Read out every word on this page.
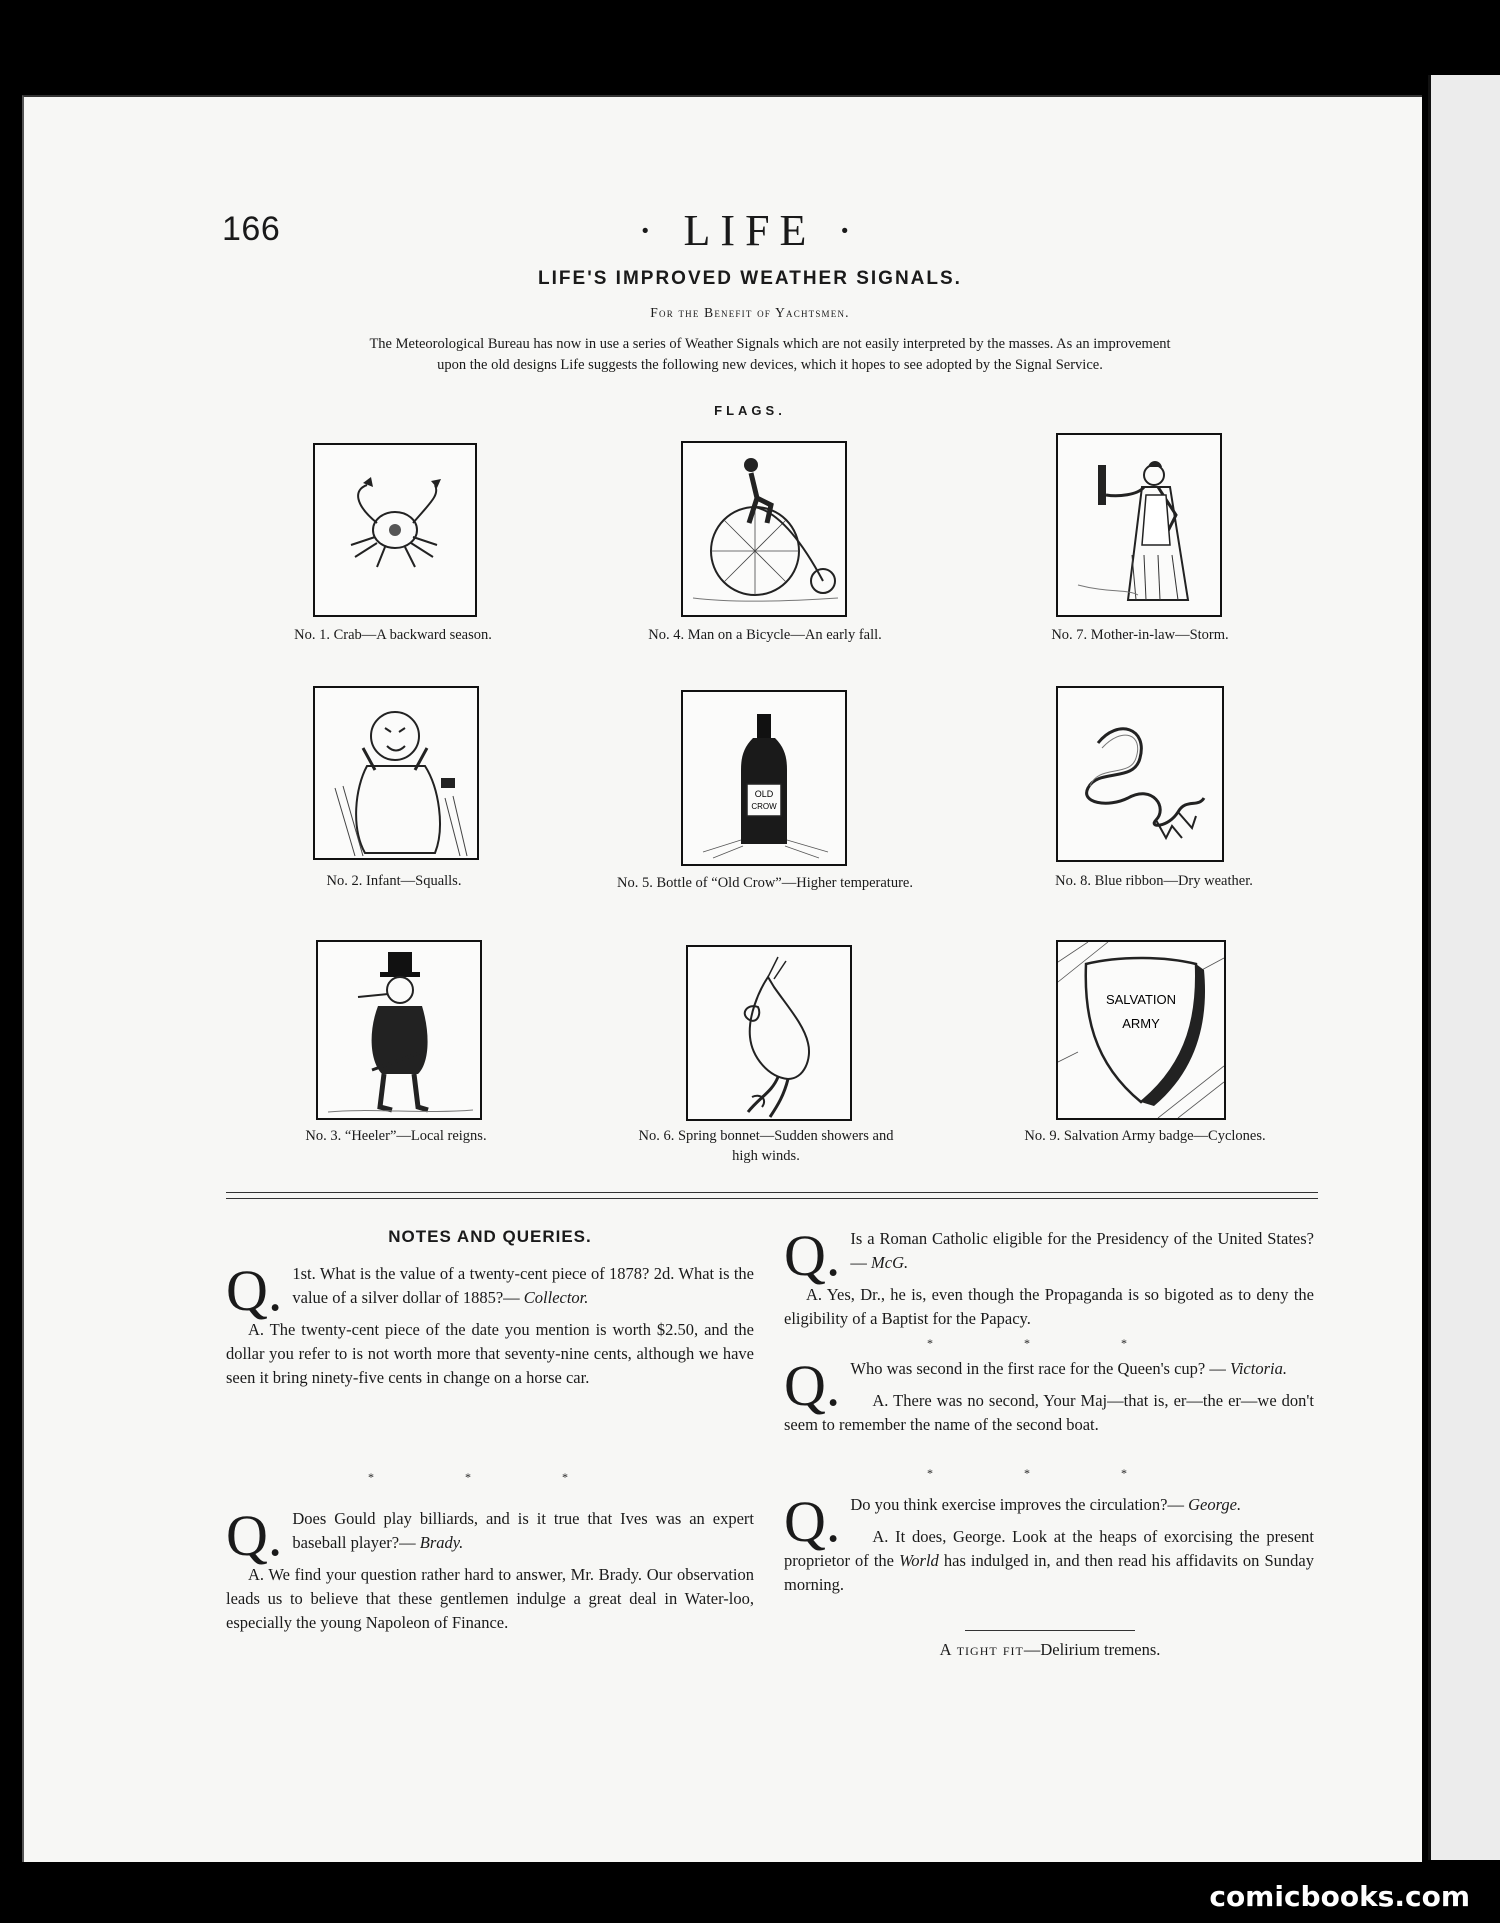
166	· LIFE ·
LIFE'S IMPROVED WEATHER SIGNALS.
For the Benefit of Yachtsmen.
The Meteorological Bureau has now in use a series of Weather Signals which are not easily interpreted by the masses. As an improvement
upon the old designs Life suggests the following new devices, which it hopes to see adopted by the Signal Service.
FLAGS.
No. 1. Crab—A backward season.	No. 4. Man on a Bicycle—An early fall.	No. 7. Mother-in-law—Storm.
No. 2. Infant—Squalls.
OLD
CROW
No. 5. Bottle of “Old Crow”—Higher temperature.	No. 8. Blue ribbon—Dry weather.
No. 3. “Heeler”—Local reigns.	No. 6. Spring bonnet—Sudden showers and
high winds.
SALVATION
ARMY
No. 9. Salvation Army badge—Cyclones.
NOTES AND QUERIES.
Q. 1st. What is the value of a twenty-cent piece of 1878? 2d. What is the value of a silver dollar of 1885?— Collector.

A. The twenty-cent piece of the date you mention is worth $2.50, and the dollar you refer to is not worth more that seventy-nine cents, although we have seen it bring ninety-five cents in change on a horse car.

* * *
Q. Does Gould play billiards, and is it true that Ives was an expert baseball player?— Brady.

A. We find your question rather hard to answer, Mr. Brady. Our observation leads us to believe that these gentlemen indulge a great deal in Water-loo, especially the young Napoleon of Finance.

Q. Is a Roman Catholic eligible for the Presidency of the United States?— McG.

A. Yes, Dr., he is, even though the Propaganda is so bigoted as to deny the eligibility of a Baptist for the Papacy.

* * *
Q. Who was second in the first race for the Queen's cup? — Victoria.

A. There was no second, Your Maj—that is, er—the er—we don't seem to remember the name of the second boat.

* * *
Q. Do you think exercise improves the circulation?— George.

A. It does, George. Look at the heaps of exorcising the present proprietor of the World has indulged in, and then read his affidavits on Sunday morning.

A tight fit—Delirium tremens.
comicbooks.com
